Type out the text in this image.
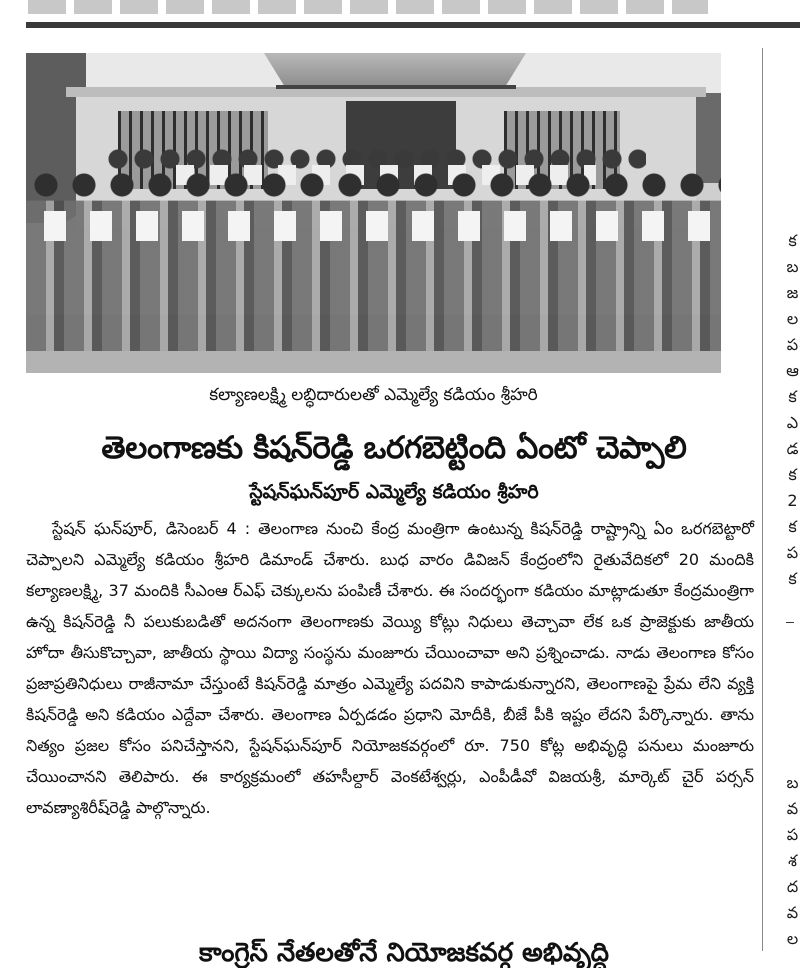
కల్యాణలక్ష్మి లబ్ధిదారులతో ఎమ్మెల్యే కడియం శ్రీహరి
తెలంగాణకు కిషన్‌రెడ్డి ఒరగబెట్టింది ఏంటో చెప్పాలి
స్టేషన్‌ఘన్‌పూర్ ఎమ్మెల్యే కడియం శ్రీహరి
స్టేషన్ ఘన్‌పూర్, డిసెంబర్ 4 : తెలంగాణ నుంచి కేంద్ర మంత్రిగా ఉంటున్న కిషన్‌రెడ్డి రాష్ట్రాన్ని ఏం ఒరగబెట్టారో చెప్పాలని ఎమ్మెల్యే కడియం శ్రీహరి డిమాండ్ చేశారు. బుధ వారం డివిజన్ కేంద్రంలోని రైతువేదికలో 20 మందికి కల్యాణలక్ష్మి, 37 మందికి సీఎంఆ ర్‌ఎఫ్ చెక్కులను పంపిణీ చేశారు. ఈ సందర్భంగా కడియం మాట్లాడుతూ కేంద్రమంత్రిగా ఉన్న కిషన్‌రెడ్డి నీ పలుకుబడితో అదనంగా తెలంగాణకు వెయ్యి కోట్లు నిధులు తెచ్చావా లేక ఒక ప్రాజెక్టుకు జాతీయ హోదా తీసుకొచ్చావా, జాతీయ స్థాయి విద్యా సంస్థను మంజూరు చేయించావా అని ప్రశ్నించాడు. నాడు తెలంగాణ కోసం ప్రజాప్రతినిధులు రాజీనామా చేస్తుంటే కిషన్‌రెడ్డి మాత్రం ఎమ్మెల్యే పదవిని కాపాడుకున్నారని, తెలంగాణపై ప్రేమ లేని వ్యక్తి కిషన్‌రెడ్డి అని కడియం ఎద్దేవా చేశారు. తెలంగాణ ఏర్పడడం ప్రధాని మోదీకి, బీజే పీకి ఇష్టం లేదని పేర్కొన్నారు. తాను నిత్యం ప్రజల కోసం పనిచేస్తానని, స్టేషన్‌ఘన్‌పూర్ నియోజకవర్గంలో రూ. 750 కోట్ల అభివృద్ధి పనులు మంజూరు చేయించానని తెలిపారు. ఈ కార్యక్రమంలో తహసీల్దార్ వెంకటేశ్వర్లు, ఎంపీడీవో విజయశ్రీ, మార్కెట్ చైర్ పర్సన్ లావణ్యాశిరీష్‌రెడ్డి పాల్గొన్నారు.
కాంగ్రెస్ నేతలతోనే నియోజకవర్గ అభివృద్ధి
క
బ
జ
ల
ప
ఆ
క
ఎ
డ
క
2
క
ప
క
బ
వ
ప
శ
ద
వ
ల
